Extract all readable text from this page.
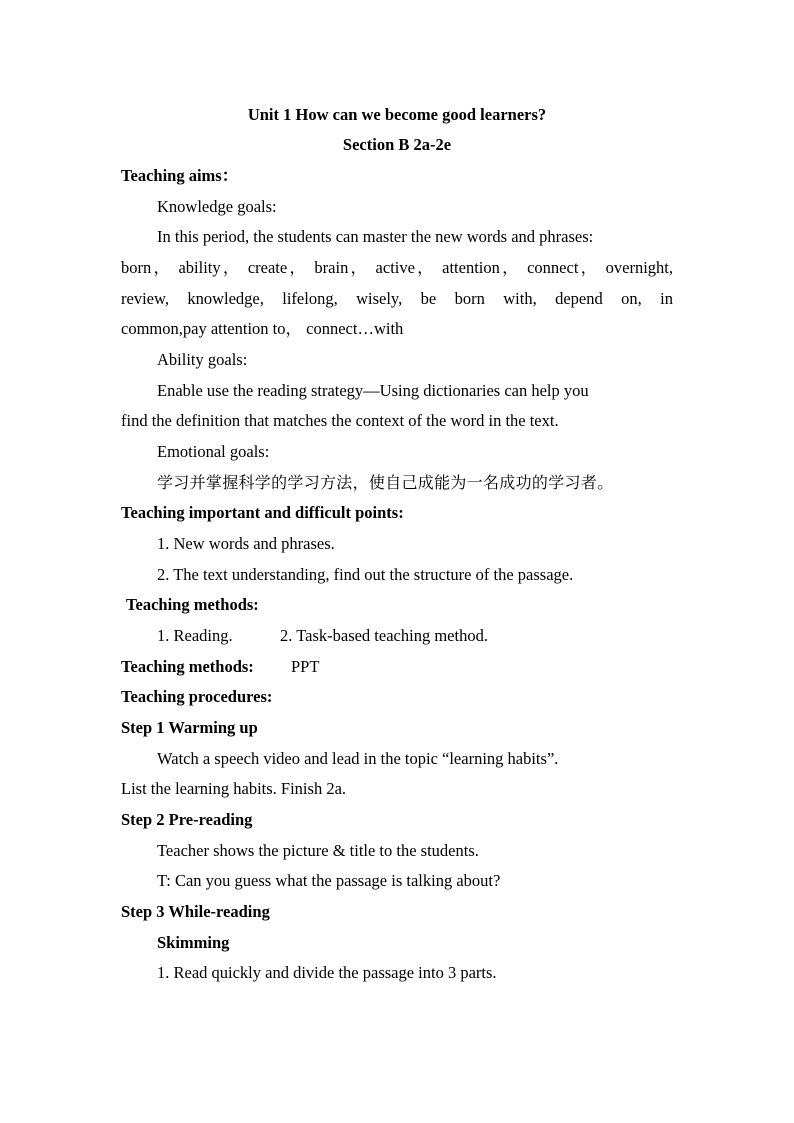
Unit 1 How can we become good learners?
Section B 2a-2e
Teaching aims：
Knowledge goals:
In this period, the students can master the new words and phrases:
born， ability， create， brain， active， attention， connect， overnight,
review, knowledge, lifelong, wisely, be born with, depend on, in
common,pay attention to， connect…with
Ability goals:
Enable use the reading strategy—Using dictionaries can help you
find the definition that matches the context of the word in the text.
Emotional goals:
学习并掌握科学的学习方法，使自己成能为一名成功的学习者。
Teaching important and difficult points:
1. New words and phrases.
2. The text understanding, find out the structure of the passage.
Teaching methods:
1. Reading.	2. Task-based teaching method.
Teaching methods: PPT
Teaching procedures:
Step 1 Warming up
Watch a speech video and lead in the topic “learning habits”.
List the learning habits. Finish 2a.
Step 2 Pre-reading
Teacher shows the picture & title to the students.
T: Can you guess what the passage is talking about?
Step 3 While-reading
Skimming
1. Read quickly and divide the passage into 3 parts.
